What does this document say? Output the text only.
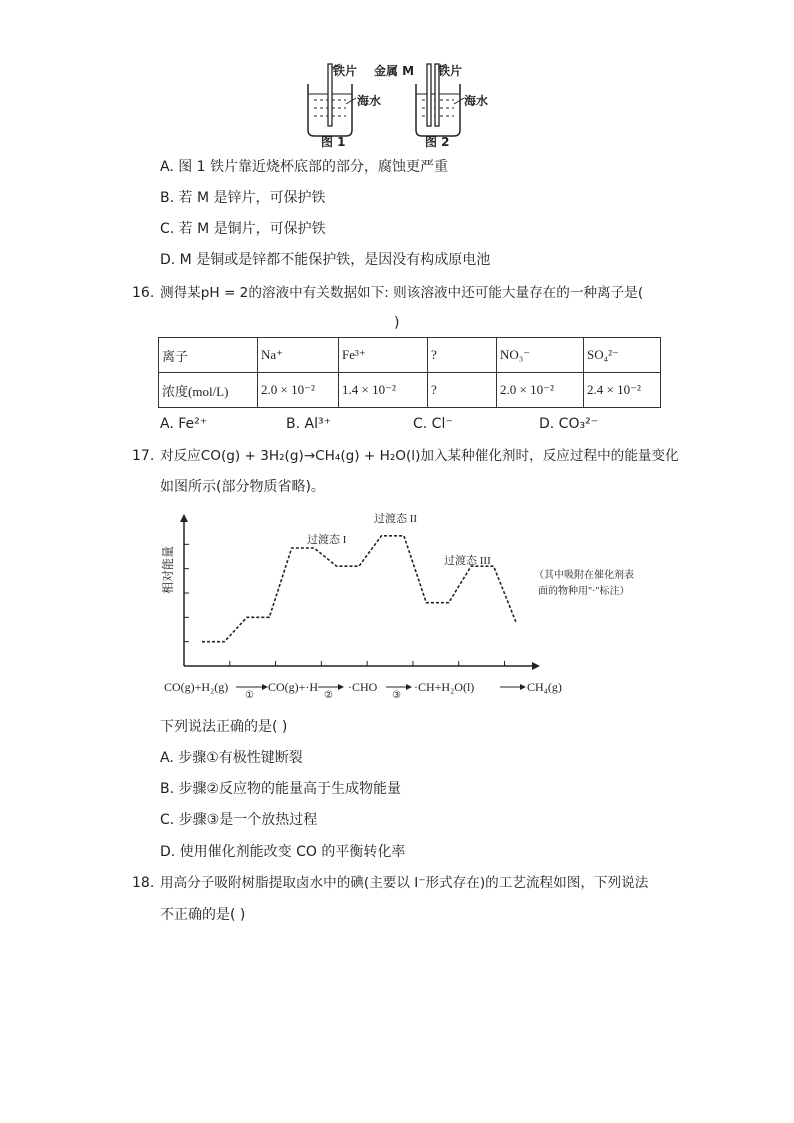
铁片 金属 M 铁片
海水	海水
图 1	图 2
A. 图 1 铁片靠近烧杯底部的部分，腐蚀更严重
B. 若 M 是锌片，可保护铁
C. 若 M 是铜片，可保护铁
D. M 是铜或是锌都不能保护铁，是因没有构成原电池
16. 测得某pH = 2的溶液中有关数据如下: 则该溶液中还可能大量存在的一种离子是(
)
离子	Na⁺	Fe³⁺	?	NO₃⁻	SO₄²⁻
浓度(mol/L)	2.0 × 10⁻²	1.4 × 10⁻²	?	2.0 × 10⁻²	2.4 × 10⁻²
A. Fe²⁺	B. Al³⁺	C. Cl⁻	D. CO₃²⁻
17. 对反应CO(g) + 3H₂(g)→CH₄(g) + H₂O(l)加入某种催化剂时，反应过程中的能量变化
如图所示(部分物质省略)。
相对能量
过渡态 I
过渡态 II
过渡态 III
（其中吸附在催化剂表
面的物种用"·"标注）
CO(g)+H₂(g)
①
CO(g)+·H
②
·CHO
③
·CH+H₂O(l)	CH₄(g)
下列说法正确的是( )
A. 步骤①有极性键断裂
B. 步骤②反应物的能量高于生成物能量
C. 步骤③是一个放热过程
D. 使用催化剂能改变 CO 的平衡转化率
18. 用高分子吸附树脂提取卤水中的碘(主要以 I⁻形式存在)的工艺流程如图，下列说法
不正确的是( )
